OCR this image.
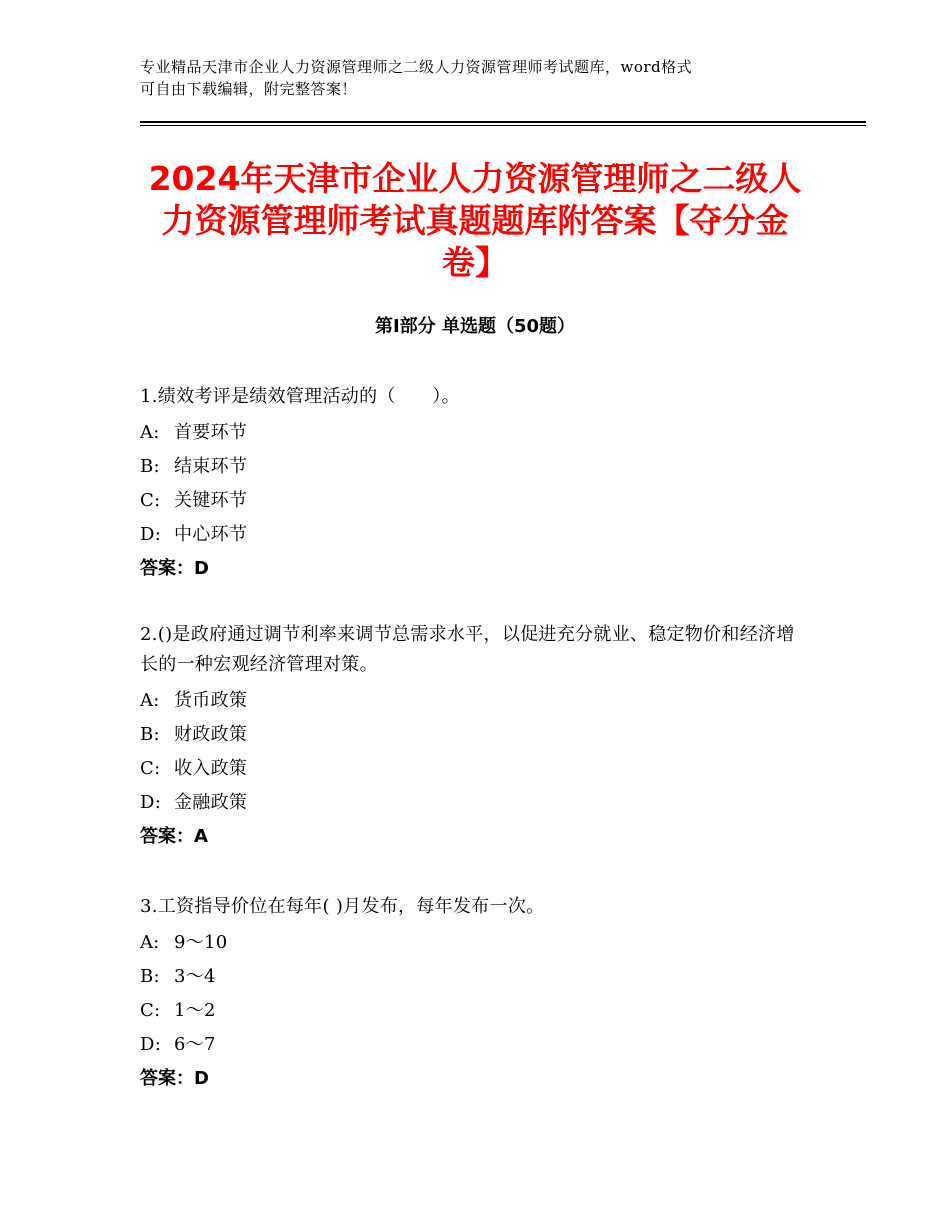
专业精品天津市企业人力资源管理师之二级人力资源管理师考试题库，word格式
可自由下载编辑，附完整答案！
2024年天津市企业人力资源管理师之二级人力资源管理师考试真题题库附答案【夺分金卷】
第Ⅰ部分 单选题（50题）
1.绩效考评是绩效管理活动的（　　）。
A: 首要环节
B: 结束环节
C: 关键环节
D: 中心环节
答案：D
2.()是政府通过调节利率来调节总需求水平，以促进充分就业、稳定物价和经济增长的一种宏观经济管理对策。
A: 货币政策
B: 财政政策
C: 收入政策
D: 金融政策
答案：A
3.工资指导价位在每年( )月发布，每年发布一次。
A: 9～10
B: 3～4
C: 1～2
D: 6～7
答案：D
